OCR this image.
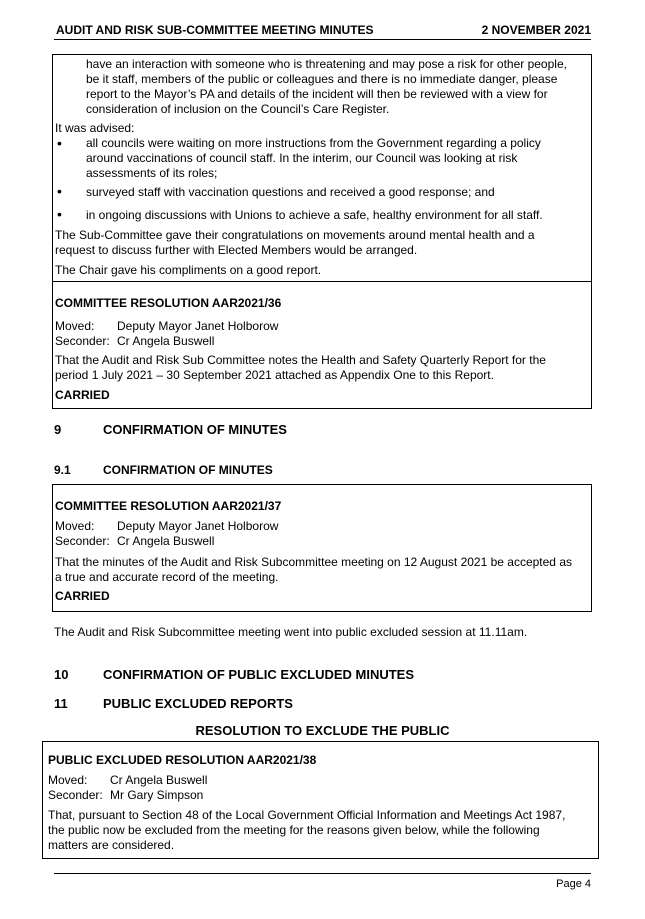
AUDIT AND RISK SUB-COMMITTEE MEETING MINUTES	2 NOVEMBER 2021
have an interaction with someone who is threatening and may pose a risk for other people,
be it staff, members of the public or colleagues and there is no immediate danger, please
report to the Mayor’s PA and details of the incident will then be reviewed with a view for
consideration of inclusion on the Council’s Care Register.
It was advised:
• all councils were waiting on more instructions from the Government regarding a policy
around vaccinations of council staff. In the interim, our Council was looking at risk
assessments of its roles;
• surveyed staff with vaccination questions and received a good response; and
• in ongoing discussions with Unions to achieve a safe, healthy environment for all staff.
The Sub-Committee gave their congratulations on movements around mental health and a
request to discuss further with Elected Members would be arranged.
The Chair gave his compliments on a good report.
COMMITTEE RESOLUTION AAR2021/36
Moved: Deputy Mayor Janet Holborow
Seconder: Cr Angela Buswell
That the Audit and Risk Sub Committee notes the Health and Safety Quarterly Report for the
period 1 July 2021 – 30 September 2021 attached as Appendix One to this Report.
CARRIED
9	CONFIRMATION OF MINUTES
9.1	CONFIRMATION OF MINUTES
COMMITTEE RESOLUTION AAR2021/37
Moved: Deputy Mayor Janet Holborow
Seconder: Cr Angela Buswell
That the minutes of the Audit and Risk Subcommittee meeting on 12 August 2021 be accepted as
a true and accurate record of the meeting.
CARRIED
The Audit and Risk Subcommittee meeting went into public excluded session at 11.11am.
10	CONFIRMATION OF PUBLIC EXCLUDED MINUTES
11	PUBLIC EXCLUDED REPORTS
RESOLUTION TO EXCLUDE THE PUBLIC
PUBLIC EXCLUDED RESOLUTION AAR2021/38
Moved: Cr Angela Buswell
Seconder: Mr Gary Simpson
That, pursuant to Section 48 of the Local Government Official Information and Meetings Act 1987,
the public now be excluded from the meeting for the reasons given below, while the following
matters are considered.
Page 4
